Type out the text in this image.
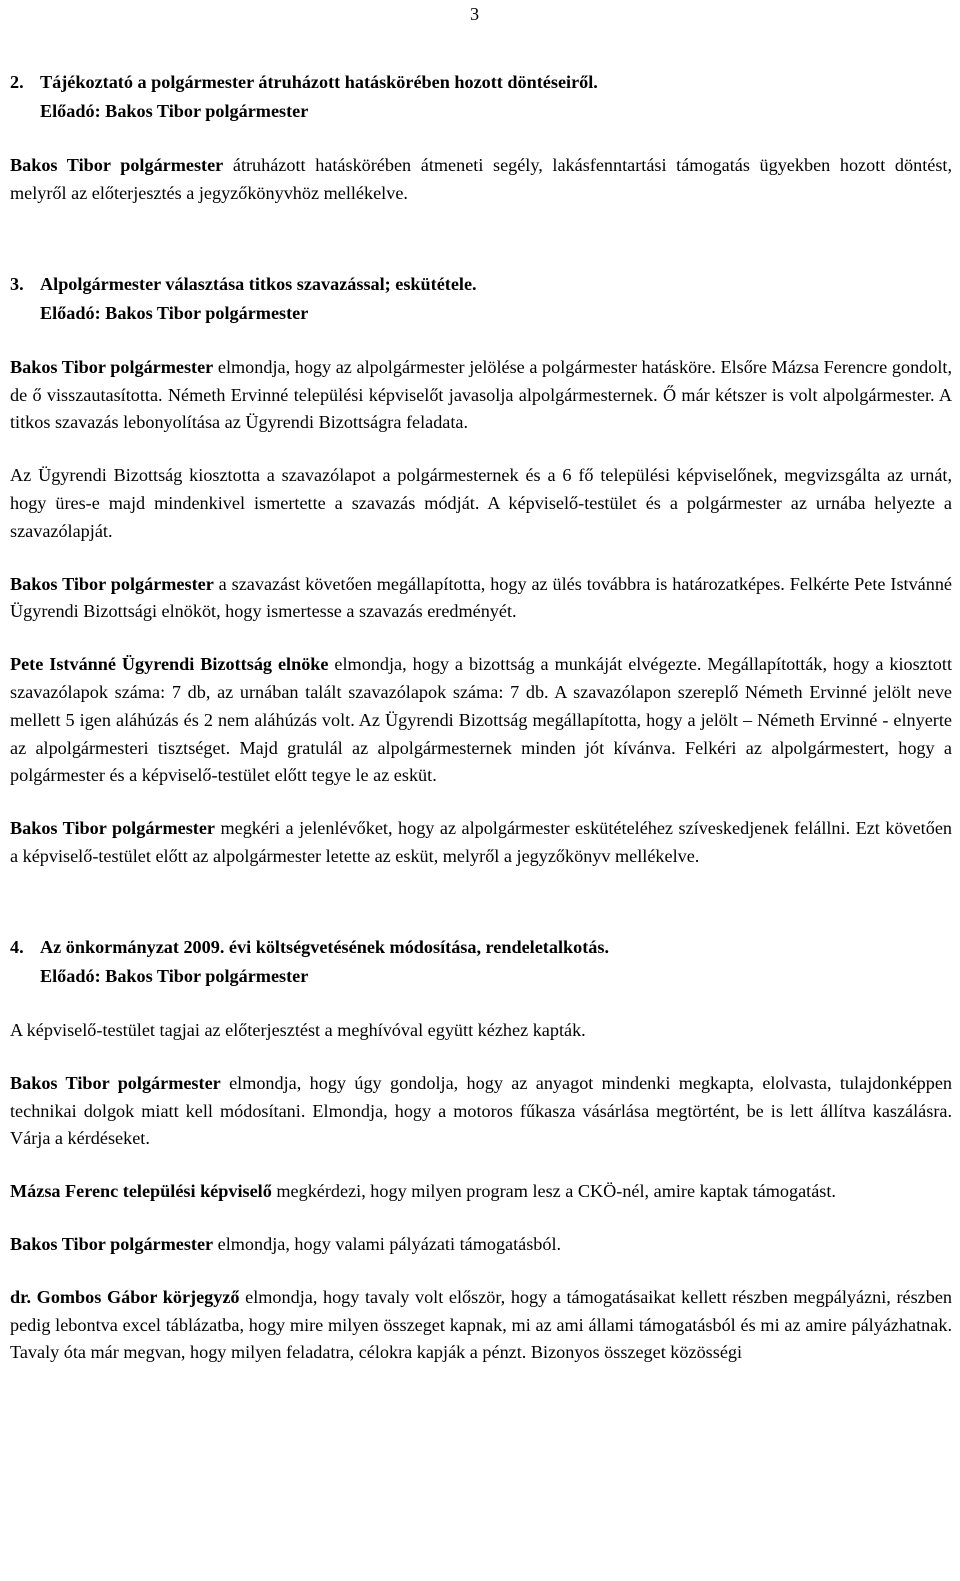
3
2. Tájékoztató a polgármester átruházott hatáskörében hozott döntéseiről.
Előadó: Bakos Tibor polgármester

Bakos Tibor polgármester átruházott hatáskörében átmeneti segély, lakásfenntartási támogatás ügyekben hozott döntést, melyről az előterjesztés a jegyzőkönyvhöz mellékelve.

3. Alpolgármester választása titkos szavazással; eskütétele.
Előadó: Bakos Tibor polgármester

Bakos Tibor polgármester elmondja, hogy az alpolgármester jelölése a polgármester hatásköre. Elsőre Mázsa Ferencre gondolt, de ő visszautasította. Németh Ervinné települési képviselőt javasolja alpolgármesternek. Ő már kétszer is volt alpolgármester. A titkos szavazás lebonyolítása az Ügyrendi Bizottságra feladata.

Az Ügyrendi Bizottság kiosztotta a szavazólapot a polgármesternek és a 6 fő települési képviselőnek, megvizsgálta az urnát, hogy üres-e majd mindenkivel ismertette a szavazás módját. A képviselő-testület és a polgármester az urnába helyezte a szavazólapját.

Bakos Tibor polgármester a szavazást követően megállapította, hogy az ülés továbbra is határozatképes. Felkérte Pete Istvánné Ügyrendi Bizottsági elnököt, hogy ismertesse a szavazás eredményét.

Pete Istvánné Ügyrendi Bizottság elnöke elmondja, hogy a bizottság a munkáját elvégezte. Megállapították, hogy a kiosztott szavazólapok száma: 7 db, az urnában talált szavazólapok száma: 7 db. A szavazólapon szereplő Németh Ervinné jelölt neve mellett 5 igen aláhúzás és 2 nem aláhúzás volt. Az Ügyrendi Bizottság megállapította, hogy a jelölt – Németh Ervinné - elnyerte az alpolgármesteri tisztséget. Majd gratulál az alpolgármesternek minden jót kívánva. Felkéri az alpolgármestert, hogy a polgármester és a képviselő-testület előtt tegye le az esküt.

Bakos Tibor polgármester megkéri a jelenlévőket, hogy az alpolgármester eskütételéhez szíveskedjenek felállni. Ezt követően a képviselő-testület előtt az alpolgármester letette az esküt, melyről a jegyzőkönyv mellékelve.

4. Az önkormányzat 2009. évi költségvetésének módosítása, rendeletalkotás.
Előadó: Bakos Tibor polgármester

A képviselő-testület tagjai az előterjesztést a meghívóval együtt kézhez kapták.

Bakos Tibor polgármester elmondja, hogy úgy gondolja, hogy az anyagot mindenki megkapta, elolvasta, tulajdonképpen technikai dolgok miatt kell módosítani. Elmondja, hogy a motoros fűkasza vásárlása megtörtént, be is lett állítva kaszálásra. Várja a kérdéseket.

Mázsa Ferenc települési képviselő megkérdezi, hogy milyen program lesz a CKÖ-nél, amire kaptak támogatást.

Bakos Tibor polgármester elmondja, hogy valami pályázati támogatásból.

dr. Gombos Gábor körjegyző elmondja, hogy tavaly volt először, hogy a támogatásaikat kellett részben megpályázni, részben pedig lebontva excel táblázatba, hogy mire milyen összeget kapnak, mi az ami állami támogatásból és mi az amire pályázhatnak. Tavaly óta már megvan, hogy milyen feladatra, célokra kapják a pénzt. Bizonyos összeget közösségi
